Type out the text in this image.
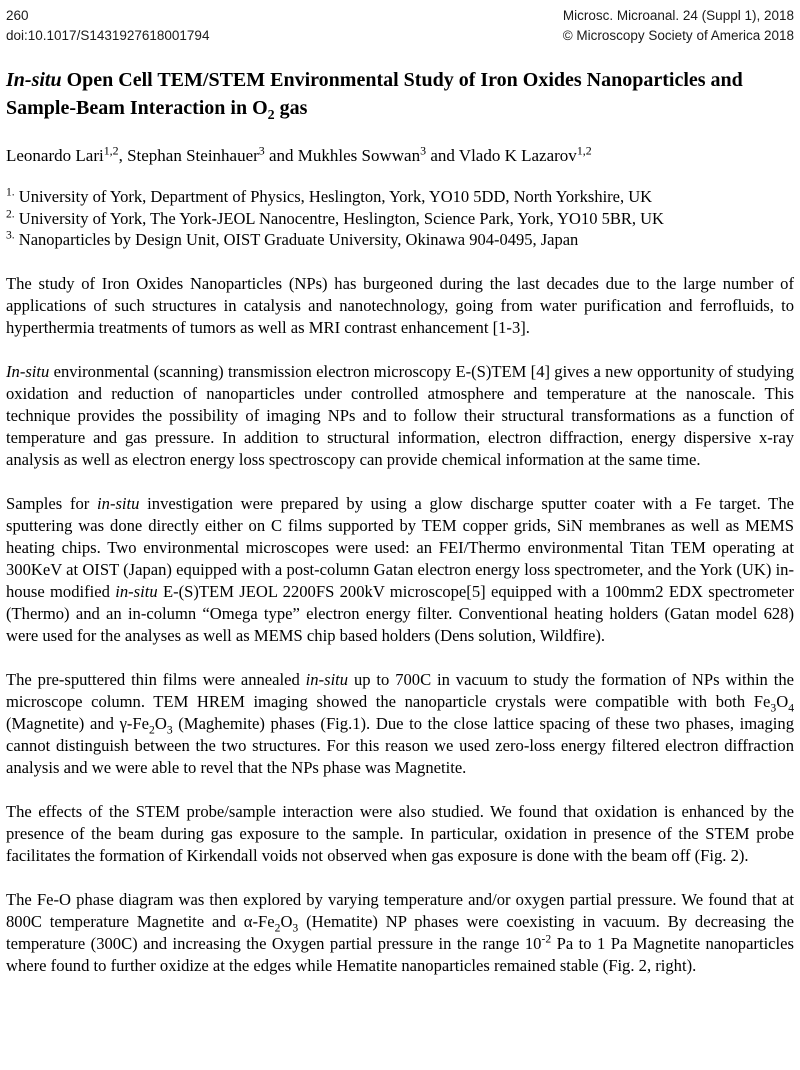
260
doi:10.1017/S1431927618001794
Microsc. Microanal. 24 (Suppl 1), 2018
© Microscopy Society of America 2018
In-situ Open Cell TEM/STEM Environmental Study of Iron Oxides Nanoparticles and Sample-Beam Interaction in $O_2$ gas
Leonardo Lari$^{1,2}$, Stephan Steinhauer$^3$ and Mukhles Sowwan$^3$ and Vlado K Lazarov$^{1,2}$
$^{1.}$ University of York, Department of Physics, Heslington, York, YO10 5DD, North Yorkshire, UK
$^{2.}$ University of York, The York-JEOL Nanocentre, Heslington, Science Park, York, YO10 5BR, UK
$^{3.}$ Nanoparticles by Design Unit, OIST Graduate University, Okinawa 904-0495, Japan

The study of Iron Oxides Nanoparticles (NPs) has burgeoned during the last decades due to the large number of applications of such structures in catalysis and nanotechnology, going from water purification and ferrofluids, to hyperthermia treatments of tumors as well as MRI contrast enhancement [1-3].

In-situ environmental (scanning) transmission electron microscopy E-(S)TEM [4] gives a new opportunity of studying oxidation and reduction of nanoparticles under controlled atmosphere and temperature at the nanoscale. This technique provides the possibility of imaging NPs and to follow their structural transformations as a function of temperature and gas pressure. In addition to structural information, electron diffraction, energy dispersive x-ray analysis as well as electron energy loss spectroscopy can provide chemical information at the same time.

Samples for in-situ investigation were prepared by using a glow discharge sputter coater with a Fe target. The sputtering was done directly either on C films supported by TEM copper grids, SiN membranes as well as MEMS heating chips. Two environmental microscopes were used: an FEI/Thermo environmental Titan TEM operating at 300KeV at OIST (Japan) equipped with a post-column Gatan electron energy loss spectrometer, and the York (UK) in-house modified in-situ E-(S)TEM JEOL 2200FS 200kV microscope[5] equipped with a 100mm2 EDX spectrometer (Thermo) and an in-column “Omega type” electron energy filter. Conventional heating holders (Gatan model 628) were used for the analyses as well as MEMS chip based holders (Dens solution, Wildfire).

The pre-sputtered thin films were annealed in-situ up to 700C in vacuum to study the formation of NPs within the microscope column. TEM HREM imaging showed the nanoparticle crystals were compatible with both $Fe_3O_4$ (Magnetite) and $\gamma-Fe_2O_3$ (Maghemite) phases (Fig.1). Due to the close lattice spacing of these two phases, imaging cannot distinguish between the two structures. For this reason we used zero-loss energy filtered electron diffraction analysis and we were able to revel that the NPs phase was Magnetite.

The effects of the STEM probe/sample interaction were also studied. We found that oxidation is enhanced by the presence of the beam during gas exposure to the sample. In particular, oxidation in presence of the STEM probe facilitates the formation of Kirkendall voids not observed when gas exposure is done with the beam off (Fig. 2).

The Fe-O phase diagram was then explored by varying temperature and/or oxygen partial pressure. We found that at 800C temperature Magnetite and $\alpha-Fe_2O_3$ (Hematite) NP phases were coexisting in vacuum. By decreasing the temperature (300C) and increasing the Oxygen partial pressure in the range $10^{-2}$ Pa to 1 Pa Magnetite nanoparticles where found to further oxidize at the edges while Hematite nanoparticles remained stable (Fig. 2, right).
